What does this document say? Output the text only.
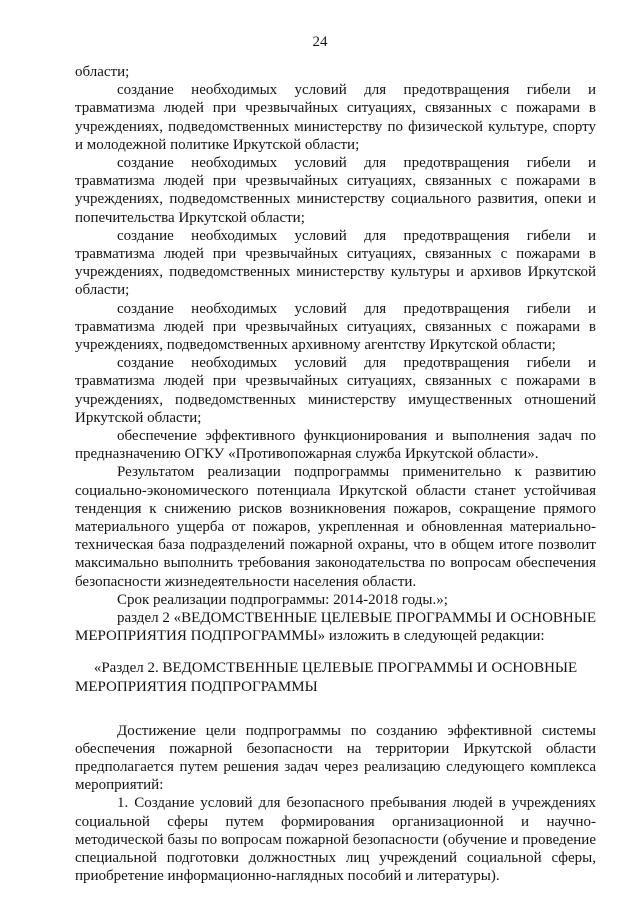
24

области;

создание необходимых условий для предотвращения гибели и травматизма людей при чрезвычайных ситуациях, связанных с пожарами в учреждениях, подведомственных министерству по физической культуре, спорту и молодежной политике Иркутской области;

создание необходимых условий для предотвращения гибели и травматизма людей при чрезвычайных ситуациях, связанных с пожарами в учреждениях, подведомственных министерству социального развития, опеки и попечительства Иркутской области;

создание необходимых условий для предотвращения гибели и травматизма людей при чрезвычайных ситуациях, связанных с пожарами в учреждениях, подведомственных министерству культуры и архивов Иркутской области;

создание необходимых условий для предотвращения гибели и травматизма людей при чрезвычайных ситуациях, связанных с пожарами в учреждениях, подведомственных архивному агентству Иркутской области;

создание необходимых условий для предотвращения гибели и травматизма людей при чрезвычайных ситуациях, связанных с пожарами в учреждениях, подведомственных министерству имущественных отношений Иркутской области;

обеспечение эффективного функционирования и выполнения задач по предназначению ОГКУ «Противопожарная служба Иркутской области».

Результатом реализации подпрограммы применительно к развитию социально-экономического потенциала Иркутской области станет устойчивая тенденция к снижению рисков возникновения пожаров, сокращение прямого материального ущерба от пожаров, укрепленная и обновленная материально-техническая база подразделений пожарной охраны, что в общем итоге позволит максимально выполнить требования законодательства по вопросам обеспечения безопасности жизнедеятельности населения области.

Срок реализации подпрограммы: 2014-2018 годы.»;

раздел 2 «ВЕДОМСТВЕННЫЕ ЦЕЛЕВЫЕ ПРОГРАММЫ И ОСНОВНЫЕ МЕРОПРИЯТИЯ ПОДПРОГРАММЫ» изложить в следующей редакции:

«Раздел 2. ВЕДОМСТВЕННЫЕ ЦЕЛЕВЫЕ ПРОГРАММЫ И ОСНОВНЫЕ МЕРОПРИЯТИЯ ПОДПРОГРАММЫ

Достижение цели подпрограммы по созданию эффективной системы обеспечения пожарной безопасности на территории Иркутской области предполагается путем решения задач через реализацию следующего комплекса мероприятий:

1. Создание условий для безопасного пребывания людей в учреждениях социальной сферы путем формирования организационной и научно-методической базы по вопросам пожарной безопасности (обучение и проведение специальной подготовки должностных лиц учреждений социальной сферы, приобретение информационно-наглядных пособий и литературы).
